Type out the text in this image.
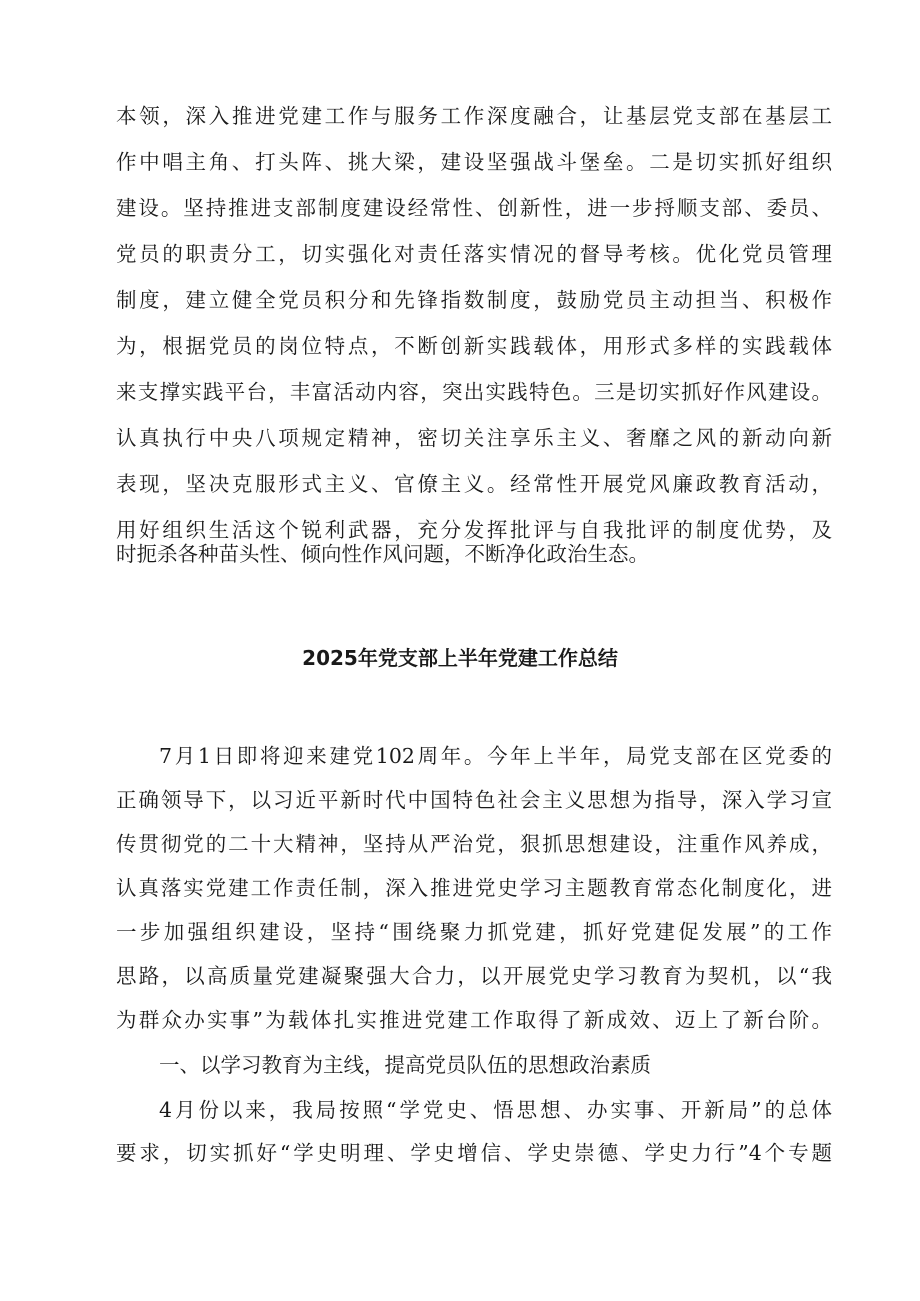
本领，深入推进党建工作与服务工作深度融合，让基层党支部在基层工
作中唱主角、打头阵、挑大梁，建设坚强战斗堡垒。二是切实抓好组织
建设。坚持推进支部制度建设经常性、创新性，进一步捋顺支部、委员、
党员的职责分工，切实强化对责任落实情况的督导考核。优化党员管理
制度，建立健全党员积分和先锋指数制度，鼓励党员主动担当、积极作
为，根据党员的岗位特点，不断创新实践载体，用形式多样的实践载体
来支撑实践平台，丰富活动内容，突出实践特色。三是切实抓好作风建设。
认真执行中央八项规定精神，密切关注享乐主义、奢靡之风的新动向新
表现，坚决克服形式主义、官僚主义。经常性开展党风廉政教育活动，
用好组织生活这个锐利武器，充分发挥批评与自我批评的制度优势，及
时扼杀各种苗头性、倾向性作风问题，不断净化政治生态。
2025年党支部上半年党建工作总结
7月1日即将迎来建党102周年。今年上半年，局党支部在区党委的
正确领导下，以习近平新时代中国特色社会主义思想为指导，深入学习宣
传贯彻党的二十大精神，坚持从严治党，狠抓思想建设，注重作风养成，
认真落实党建工作责任制，深入推进党史学习主题教育常态化制度化，进
一步加强组织建设，坚持“围绕聚力抓党建，抓好党建促发展”的工作
思路，以高质量党建凝聚强大合力，以开展党史学习教育为契机，以“我
为群众办实事”为载体扎实推进党建工作取得了新成效、迈上了新台阶。
一、以学习教育为主线，提高党员队伍的思想政治素质
4月份以来，我局按照“学党史、悟思想、办实事、开新局”的总体
要求，切实抓好“学史明理、学史增信、学史崇德、学史力行”4个专题
